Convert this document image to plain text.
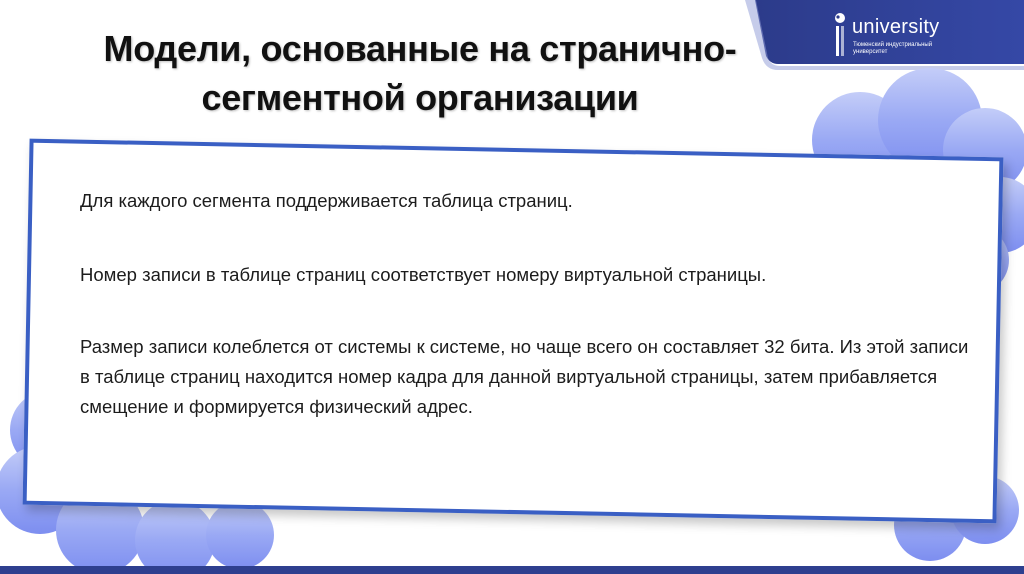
university
Тюменский индустриальный университет
Модели, основанные на странично-сегментной организации

Для каждого сегмента поддерживается таблица страниц.

Номер записи в таблице страниц соответствует номеру виртуальной страницы.

Размер записи колеблется от системы к системе, но чаще всего он составляет 32 бита. Из этой записи в таблице страниц находится номер кадра для данной виртуальной страницы, затем прибавляется смещение и формируется физический адрес.
